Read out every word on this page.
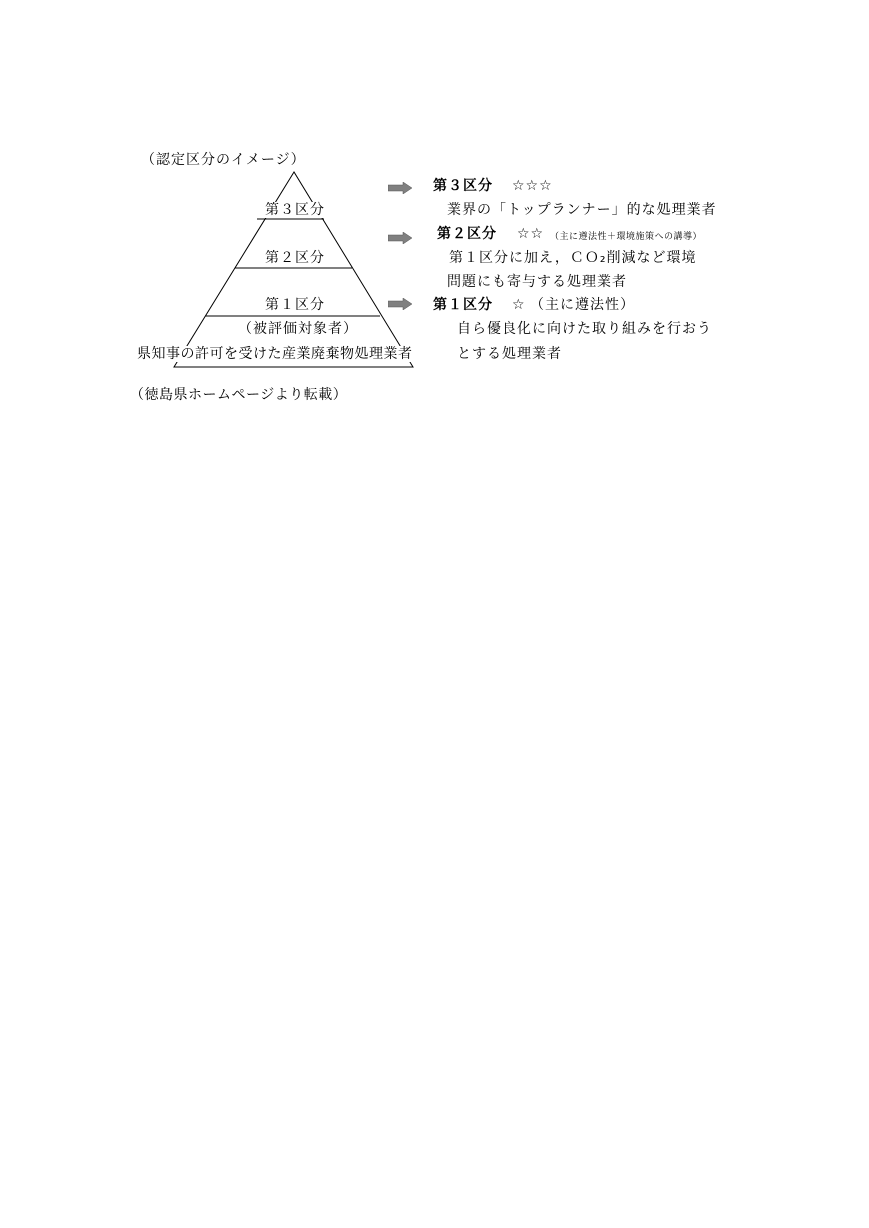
（認定区分のイメージ）
第３区分
第２区分
第１区分
（被評価対象者）
県知事の許可を受けた産業廃棄物処理業者
第３区分 ☆☆☆
業界の「トップランナー」的な処理業者
第２区分 ☆☆ （主に遵法性＋環境施策への講導）
第１区分に加え，ＣＯ₂削減など環境
問題にも寄与する処理業者
第１区分 ☆ （主に遵法性）
自ら優良化に向けた取り組みを行おう
とする処理業者
（徳島県ホームページより転載）
